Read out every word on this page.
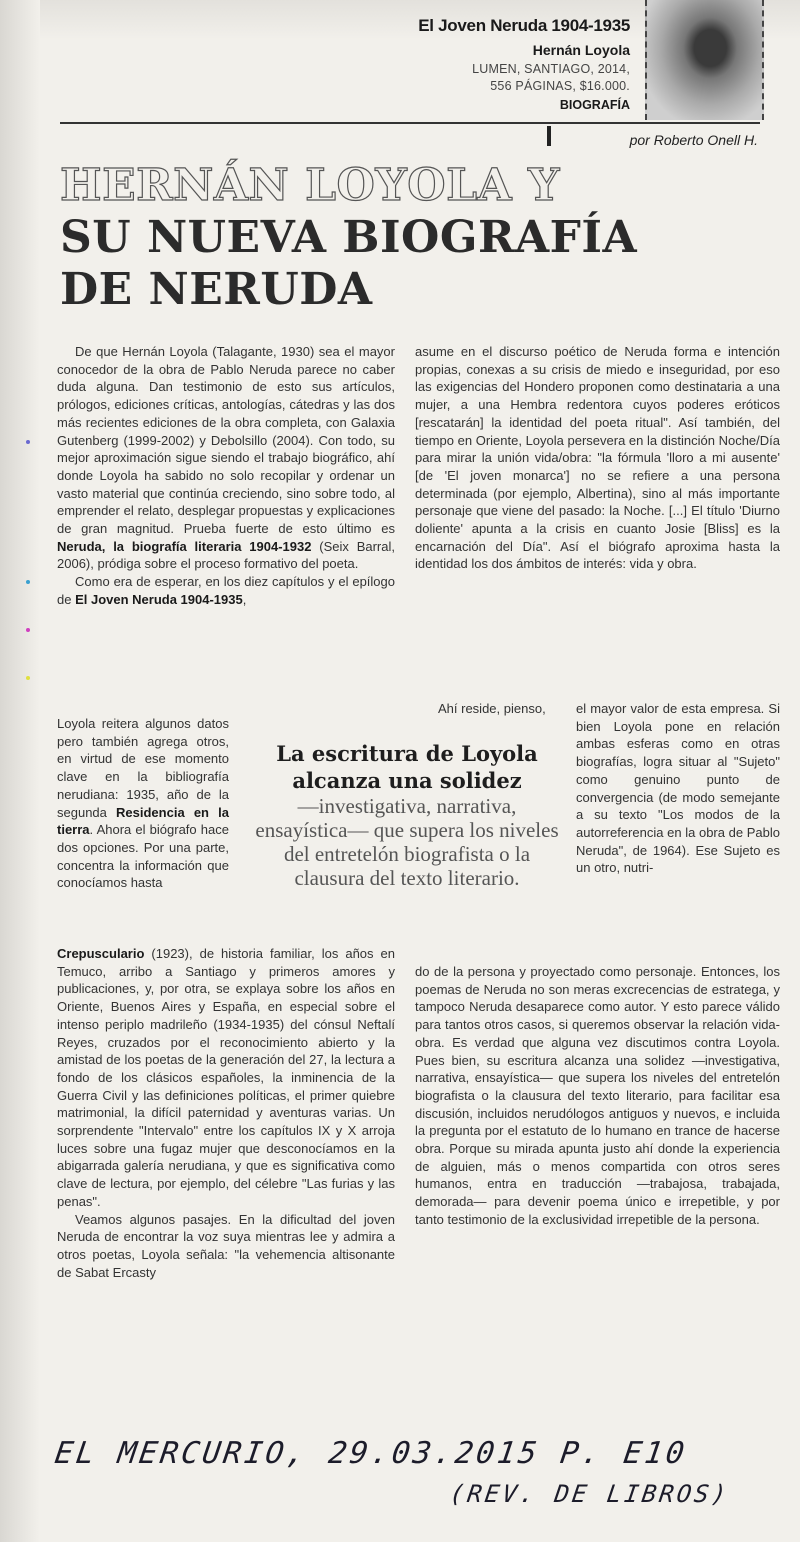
El Joven Neruda 1904-1935
Hernán Loyola
LUMEN, SANTIAGO, 2014,
556 PÁGINAS, $16.000.
BIOGRAFÍA
por Roberto Onell H.
HERNÁN LOYOLA Y
SU NUEVA BIOGRAFÍA
DE NERUDA

De que Hernán Loyola (Talagante, 1930) sea el mayor conocedor de la obra de Pablo Neruda parece no caber duda alguna. Dan testimonio de esto sus artículos, prólogos, ediciones críticas, antologías, cátedras y las dos más recientes ediciones de la obra completa, con Galaxia Gutenberg (1999-2002) y Debolsillo (2004). Con todo, su mejor aproximación sigue siendo el trabajo biográfico, ahí donde Loyola ha sabido no solo recopilar y ordenar un vasto material que continúa creciendo, sino sobre todo, al emprender el relato, desplegar propuestas y explicaciones de gran magnitud. Prueba fuerte de esto último es Neruda, la biografía literaria 1904-1932 (Seix Barral, 2006), pródiga sobre el proceso formativo del poeta.

Como era de esperar, en los diez capítulos y el epílogo de El Joven Neruda 1904-1935,

Loyola reitera algunos datos pero también agrega otros, en virtud de ese momento clave en la bibliografía nerudiana: 1935, año de la segunda Residencia en la tierra. Ahora el biógrafo hace dos opciones. Por una parte, concentra la información que conocíamos hasta

Crepusculario (1923), de historia familiar, los años en Temuco, arribo a Santiago y primeros amores y publicaciones, y, por otra, se explaya sobre los años en Oriente, Buenos Aires y España, en especial sobre el intenso periplo madrileño (1934-1935) del cónsul Neftalí Reyes, cruzados por el reconocimiento abierto y la amistad de los poetas de la generación del 27, la lectura a fondo de los clásicos españoles, la inminencia de la Guerra Civil y las definiciones políticas, el primer quiebre matrimonial, la difícil paternidad y aventuras varias. Un sorprendente "Intervalo" entre los capítulos IX y X arroja luces sobre una fugaz mujer que desconocíamos en la abigarrada galería nerudiana, y que es significativa como clave de lectura, por ejemplo, del célebre "Las furias y las penas".

Veamos algunos pasajes. En la dificultad del joven Neruda de encontrar la voz suya mientras lee y admira a otros poetas, Loyola señala: "la vehemencia altisonante de Sabat Ercasty

asume en el discurso poético de Neruda forma e intención propias, conexas a su crisis de miedo e inseguridad, por eso las exigencias del Hondero proponen como destinataria a una mujer, a una Hembra redentora cuyos poderes eróticos [rescatarán] la identidad del poeta ritual". Así también, del tiempo en Oriente, Loyola persevera en la distinción Noche/Día para mirar la unión vida/obra: "la fórmula 'lloro a mi ausente' [de 'El joven monarca'] no se refiere a una persona determinada (por ejemplo, Albertina), sino al más importante personaje que viene del pasado: la Noche. [...] El título 'Diurno doliente' apunta a la crisis en cuanto Josie [Bliss] es la encarnación del Día". Así el biógrafo aproxima hasta la identidad los dos ámbitos de interés: vida y obra.

Ahí reside, pienso, el mayor valor de esta empresa. Si bien Loyola pone en relación ambas esferas como en otras biografías, logra situar al "Sujeto" como genuino punto de convergencia (de modo semejante a su texto "Los modos de la autorreferencia en la obra de Pablo Neruda", de 1964). Ese Sujeto es un otro, nutri-

do de la persona y proyectado como personaje. Entonces, los poemas de Neruda no son meras excrecencias de estratega, y tampoco Neruda desaparece como autor. Y esto parece válido para tantos otros casos, si queremos observar la relación vida-obra. Es verdad que alguna vez discutimos contra Loyola. Pues bien, su escritura alcanza una solidez —investigativa, narrativa, ensayística— que supera los niveles del entretelón biografista o la clausura del texto literario, para facilitar esa discusión, incluidos nerudólogos antiguos y nuevos, e incluida la pregunta por el estatuto de lo humano en trance de hacerse obra. Porque su mirada apunta justo ahí donde la experiencia de alguien, más o menos compartida con otros seres humanos, entra en traducción —trabajosa, trabajada, demorada— para devenir poema único e irrepetible, y por tanto testimonio de la exclusividad irrepetible de la persona.

La escritura de Loyola alcanza una solidez
—investigativa, narrativa, ensayística— que supera los niveles del entretelón biografista o la clausura del texto literario.
EL MERCURIO, 29.03.2015 P. E10
(REV. DE LIBROS)
